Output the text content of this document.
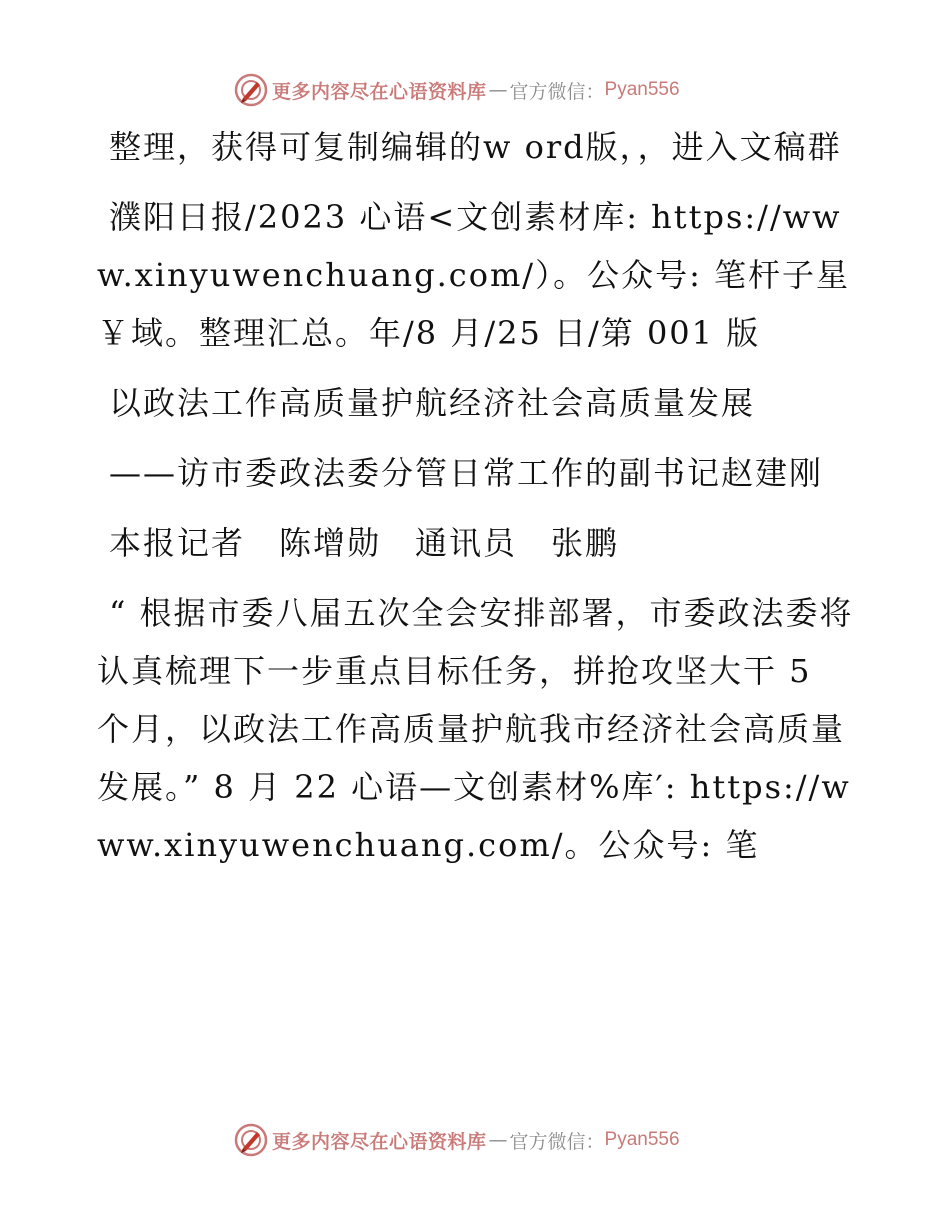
更多内容尽在心语资料库 — 官方微信： Pyan556

整理，获得可复制编辑的w ord版，，进入文稿群

濮阳日报/2023 心语<文创素材库: https://www.xinyuwenchuang.com/）。公众号: 笔杆子星￥域。整理汇总。年/8 月/25 日/第 001 版

以政法工作高质量护航经济社会高质量发展

——访市委政法委分管日常工作的副书记赵建刚

本报记者　陈增勋　通讯员　张鹏

“ 根据市委八届五次全会安排部署，市委政法委将认真梳理下一步重点目标任务，拼抢攻坚大干 5 个月，以政法工作高质量护航我市经济社会高质量发展。” 8 月 22 心语—文创素材%库′: https://www.xinyuwenchuang.com/。公众号: 笔

更多内容尽在心语资料库 — 官方微信： Pyan556
